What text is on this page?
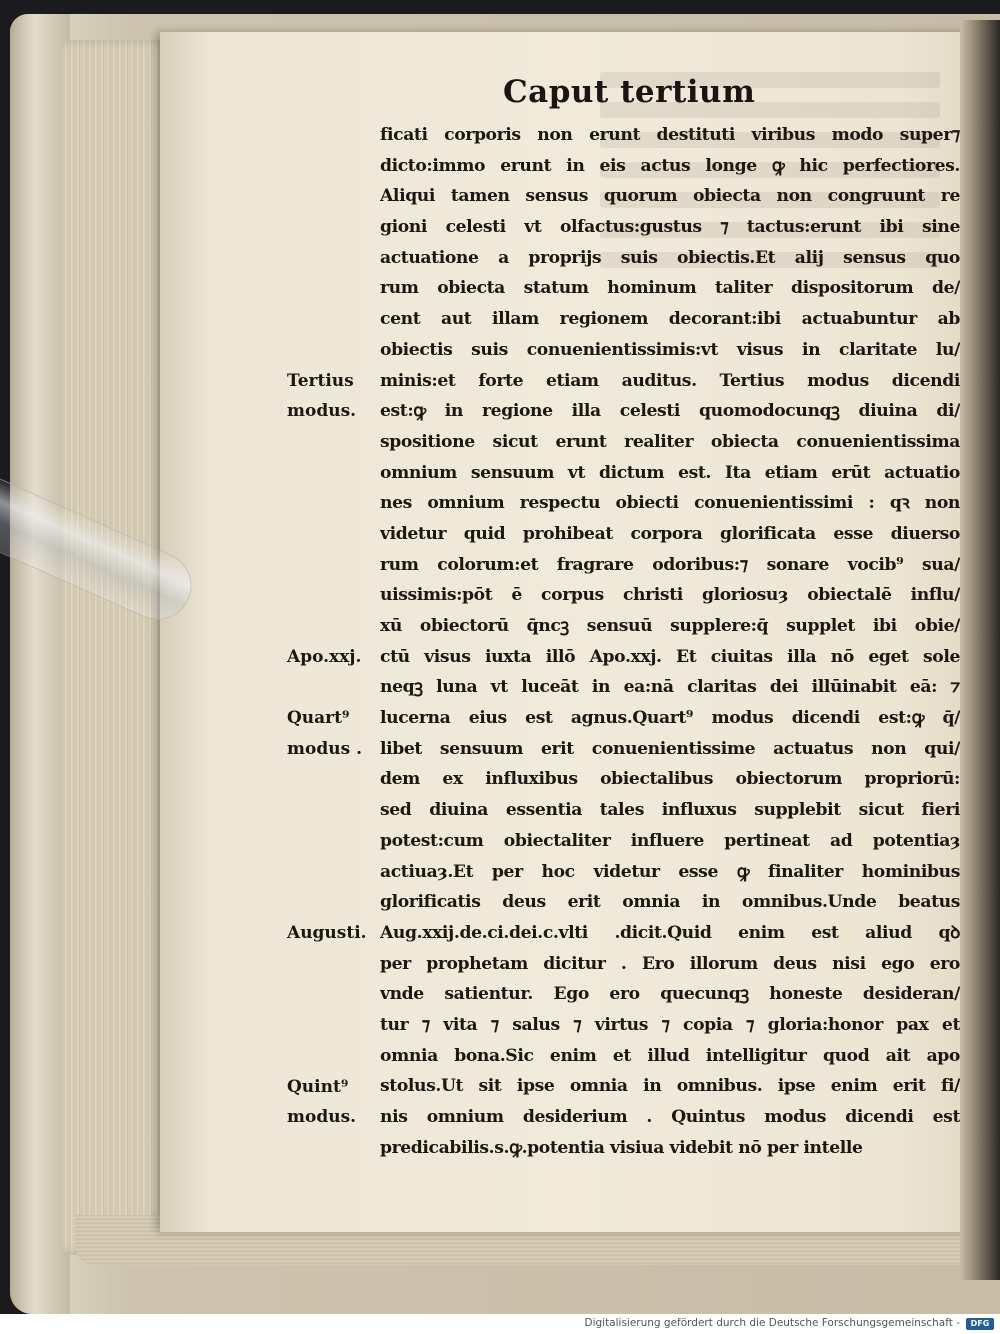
Caput tertium
ficati corporis non erunt destituti viribus modo super⁊
dicto:immo erunt in eis actus longe ꝙ hic perfectiores.
Aliqui tamen sensus quorum obiecta non congruunt re
gioni celesti vt olfactus:gustus ⁊ tactus:erunt ibi sine
actuatione a proprijs suis obiectis.Et alij sensus quo
rum obiecta statum hominum taliter dispositorum de/
cent aut illam regionem decorant:ibi actuabuntur ab
obiectis suis conuenientissimis:vt visus in claritate lu/
minis:et forte etiam auditus. Tertius modus dicendi
est:ꝙ in regione illa celesti quomodocunqꝫ diuina di/
spositione sicut erunt realiter obiecta conuenientissima
omnium sensuum vt dictum est. Ita etiam erūt actuatio
nes omnium respectu obiecti conuenientissimi : qꝛ non
videtur quid prohibeat corpora glorificata esse diuerso
rum colorum:et fragrare odoribus:⁊ sonare vocib⁹ sua/
uissimis:pōt ē corpus christi gloriosuȝ obiectalē influ/
xū obiectorū q̄ncꝫ sensuū supplere:q̄ supplet ibi obie/
ctū visus iuxta illō Apo.xxj. Et ciuitas illa nō eget sole
neqꝫ luna vt luceāt in ea:nā claritas dei illūinabit eā: ⁊
lucerna eius est agnus.Quart⁹ modus dicendi est:ꝙ q̄/
libet sensuum erit conuenientissime actuatus non qui/
dem ex influxibus obiectalibus obiectorum propriorū:
sed diuina essentia tales influxus supplebit sicut fieri
potest:cum obiectaliter influere pertineat ad potentiaȝ
actiuaȝ.Et per hoc videtur esse ꝙ finaliter hominibus
glorificatis deus erit omnia in omnibus.Unde beatus
Aug.xxij.de.ci.dei.c.vlti .dicit.Quid enim est aliud qꝺ
per prophetam dicitur . Ero illorum deus nisi ego ero
vnde satientur. Ego ero quecunqꝫ honeste desideran/
tur ⁊ vita ⁊ salus ⁊ virtus ⁊ copia ⁊ gloria:honor pax et
omnia bona.Sic enim et illud intelligitur quod ait apo
stolus.Ut sit ipse omnia in omnibus. ipse enim erit fi/
nis omnium desiderium . Quintus modus dicendi est
predicabilis.s.ꝙ.potentia visiua videbit nō per intelle
Tertius
modus.
Apo.xxj.
Quart⁹
modus .
Augusti.
Quint⁹
modus.
Digitalisierung gefördert durch die Deutsche Forschungsgemeinschaft -	DFG
